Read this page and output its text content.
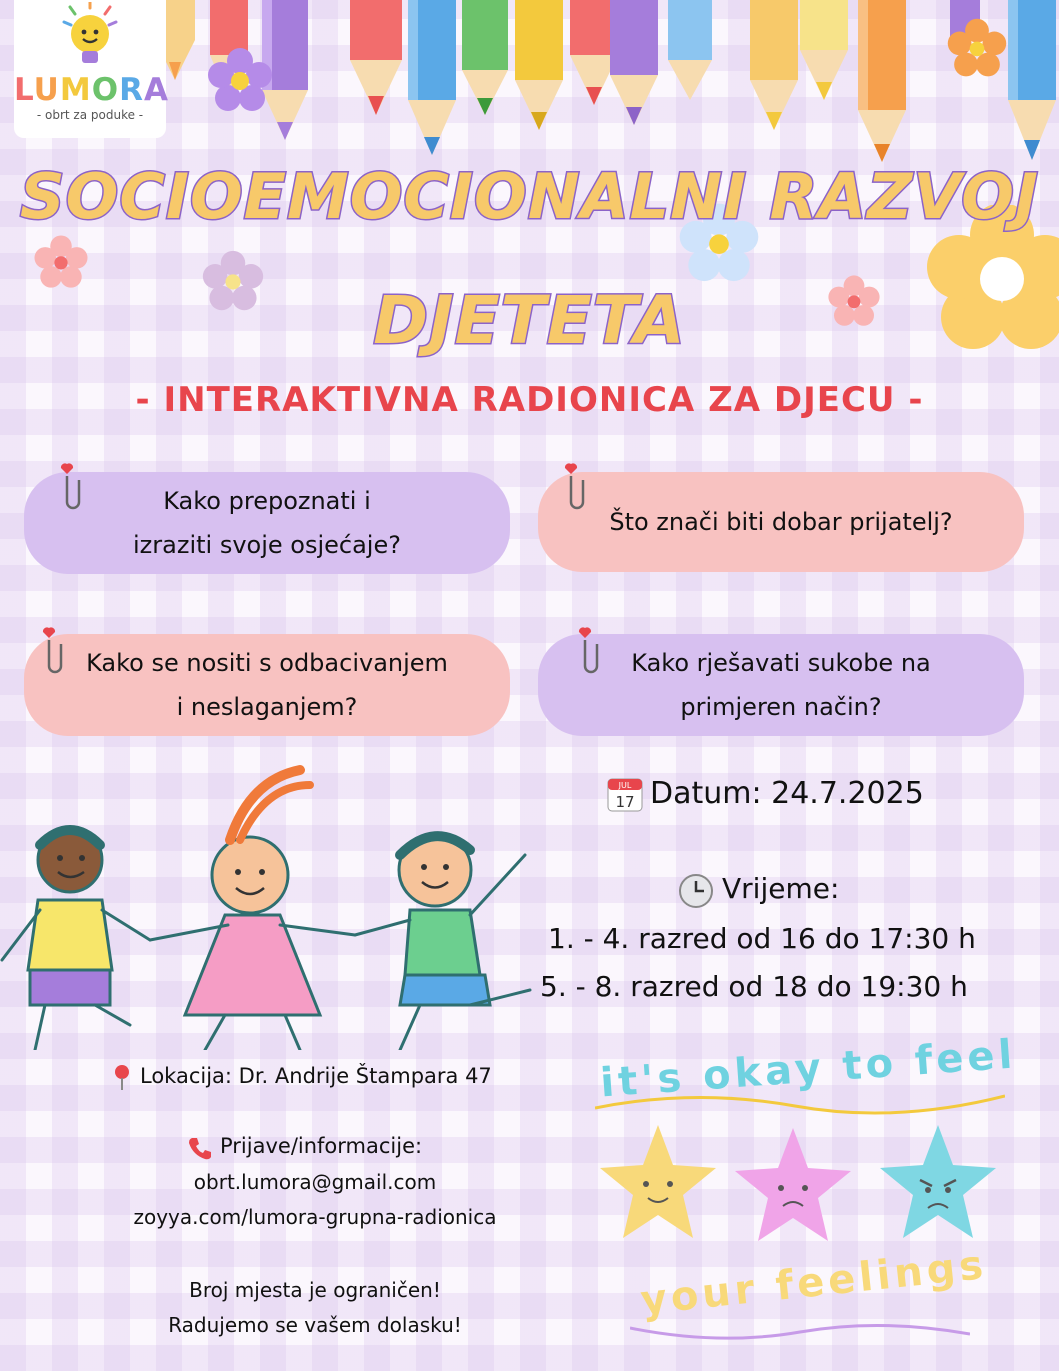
LUMORA
- obrt za poduke -
SOCIOEMOCIONALNI RAZVOJ
DJETETA
- INTERAKTIVNA RADIONICA ZA DJECU -
Kako prepoznati i
izraziti svoje osjećaje?
Što znači biti dobar prijatelj?
Kako se nositi s odbacivanjem
i neslaganjem?
Kako rješavati sukobe na
primjeren način?
JUL
17 Datum: 24.7.2025
Vrijeme:
1. - 4. razred od 16 do 17:30 h
5. - 8. razred od 18 do 19:30 h
Lokacija: Dr. Andrije Štampara 47
Prijave/informacije:
obrt.lumora@gmail.com
zoyya.com/lumora-grupna-radionica
Broj mjesta je ograničen!
Radujemo se vašem dolasku!
it's okay to feel
your feelings
